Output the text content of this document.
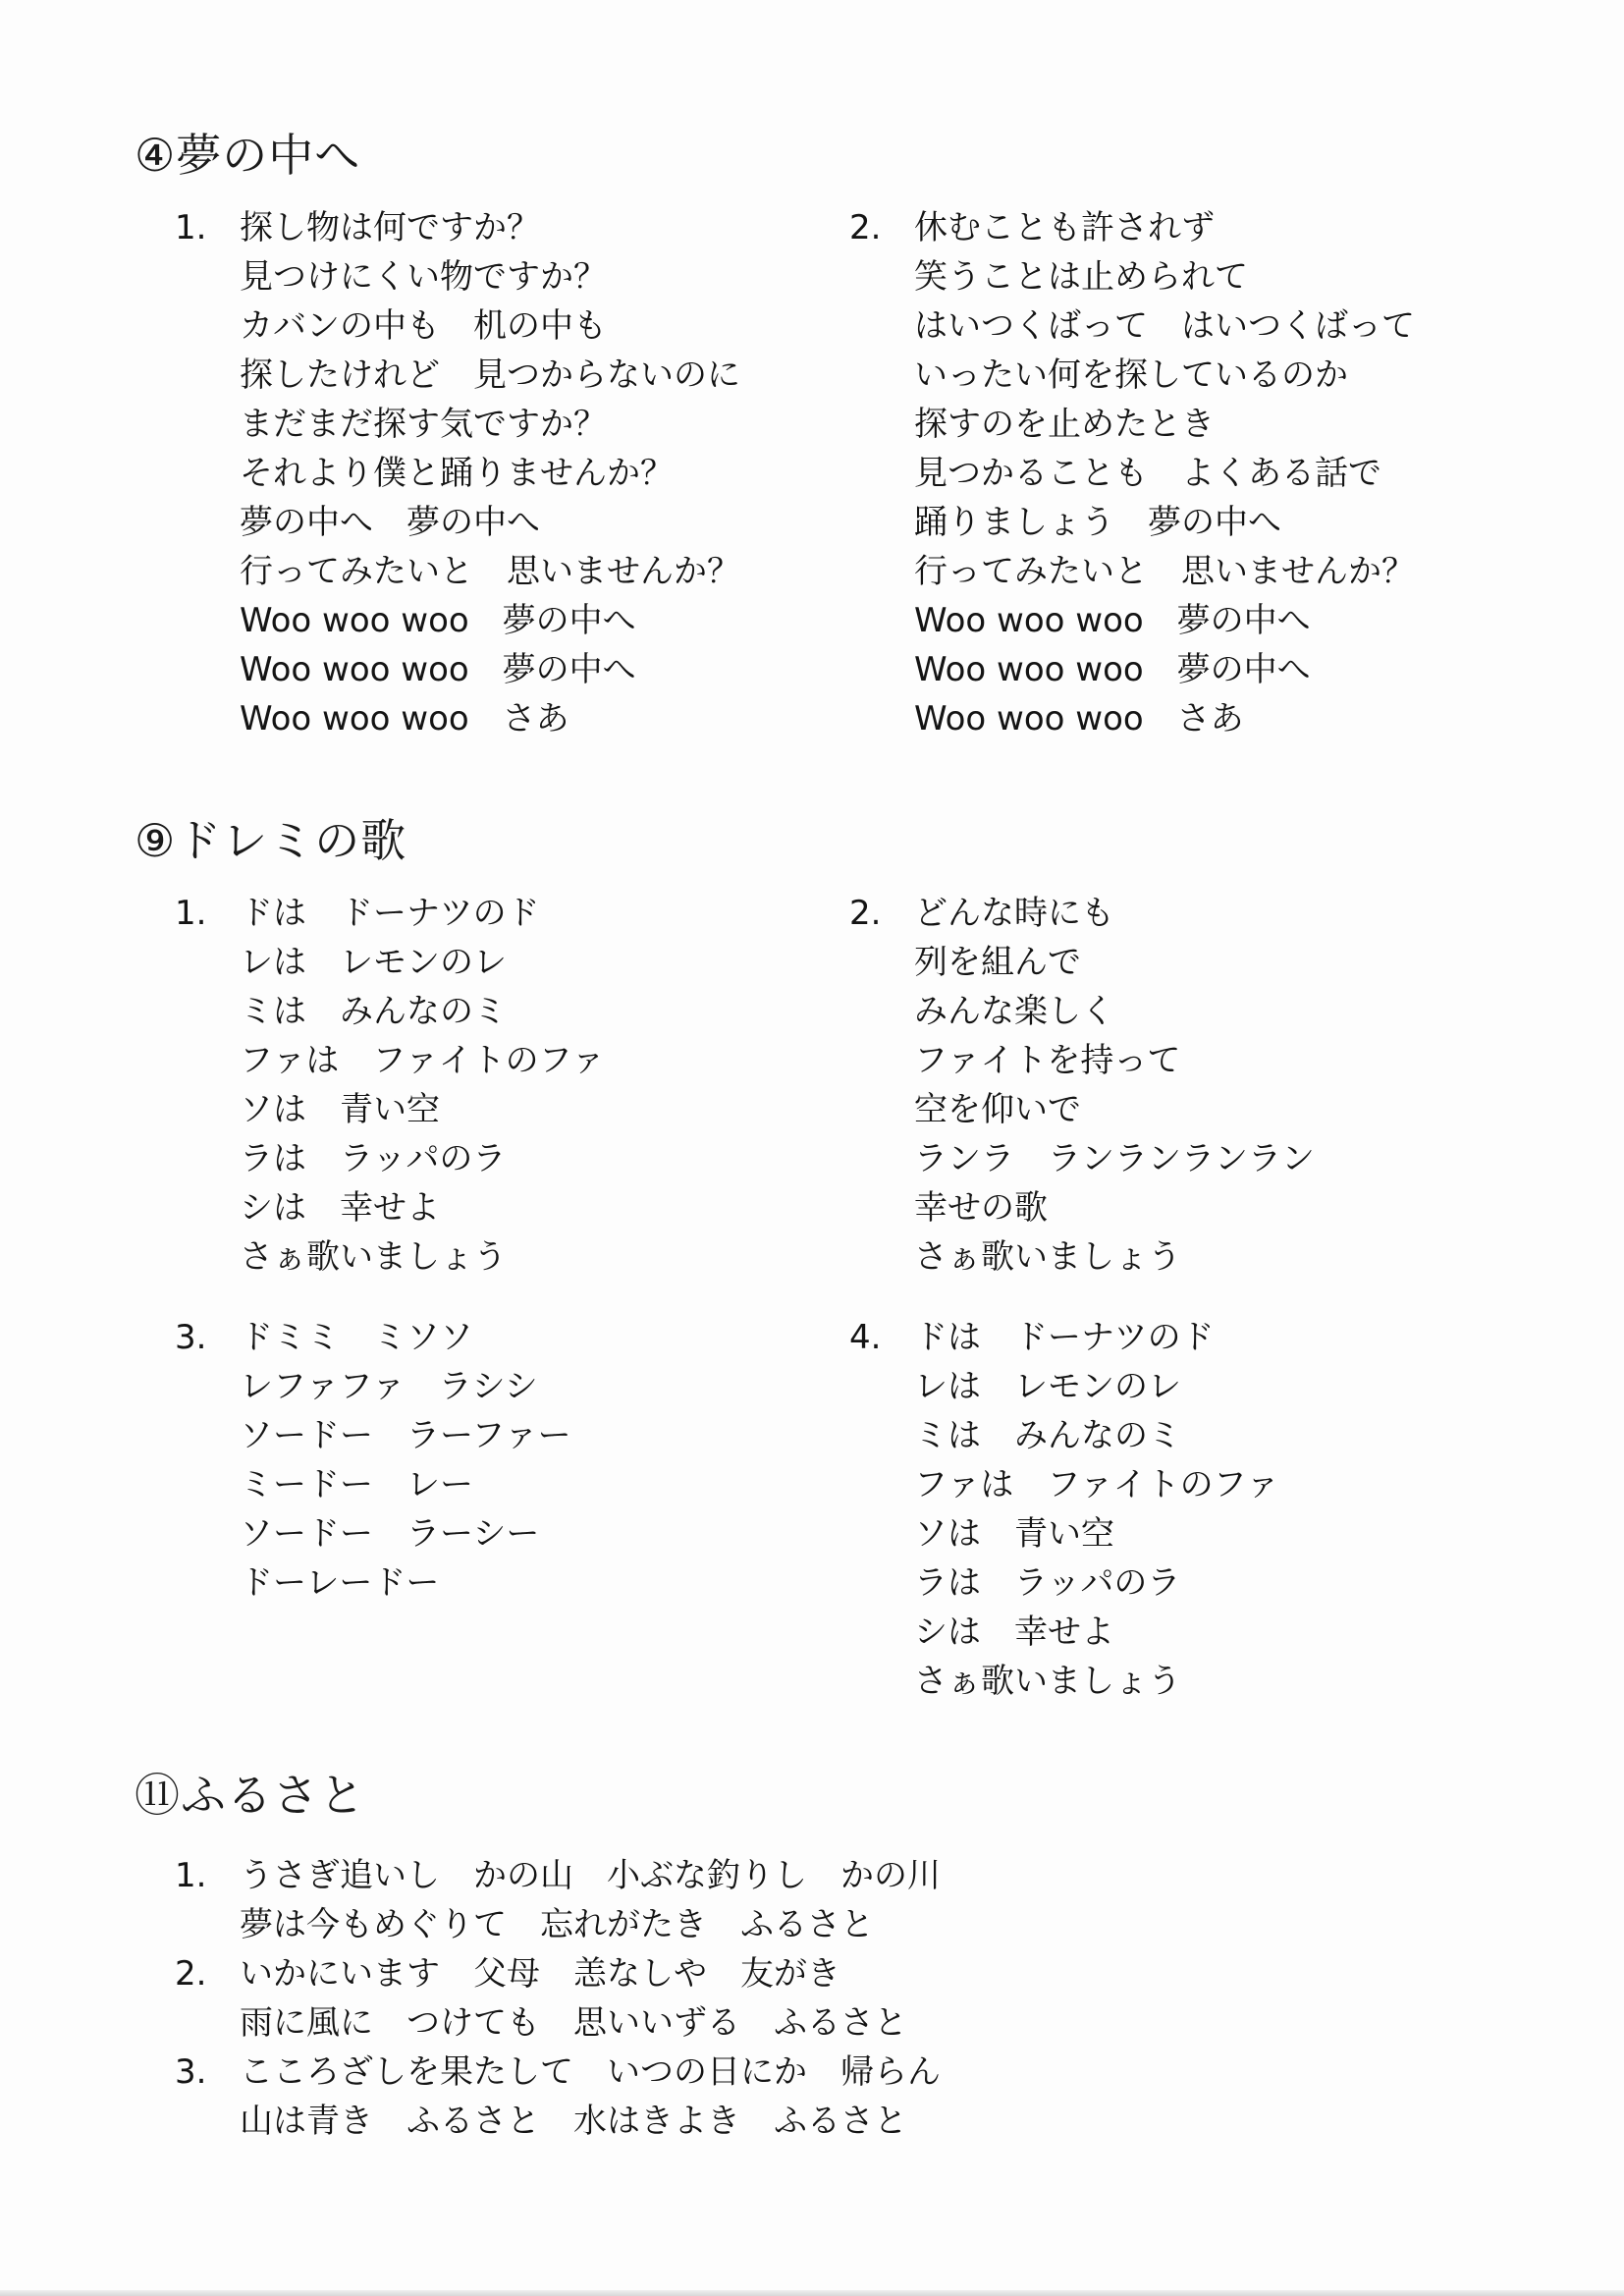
④夢の中へ
1. 探し物は何ですか？
見つけにくい物ですか？
カバンの中も　机の中も
探したけれど　見つからないのに
まだまだ探す気ですか？
それより僕と踊りませんか？
夢の中へ　夢の中へ
行ってみたいと　思いませんか？
Woo woo woo　夢の中へ
Woo woo woo　夢の中へ
Woo woo woo　さあ
2. 休むことも許されず
笑うことは止められて
はいつくばって　はいつくばって
いったい何を探しているのか
探すのを止めたとき
見つかることも　よくある話で
踊りましょう　夢の中へ
行ってみたいと　思いませんか？
Woo woo woo　夢の中へ
Woo woo woo　夢の中へ
Woo woo woo　さあ
⑨ドレミの歌
1. ドは　ドーナツのド
レは　レモンのレ
ミは　みんなのミ
ファは　ファイトのファ
ソは　青い空
ラは　ラッパのラ
シは　幸せよ
さぁ歌いましょう
2. どんな時にも
列を組んで
みんな楽しく
ファイトを持って
空を仰いで
ランラ　ランランランラン
幸せの歌
さぁ歌いましょう
3. ドミミ　ミソソ
レファファ　ラシシ
ソードー　ラーファー
ミードー　レー
ソードー　ラーシー
ドーレードー
4. ドは　ドーナツのド
レは　レモンのレ
ミは　みんなのミ
ファは　ファイトのファ
ソは　青い空
ラは　ラッパのラ
シは　幸せよ
さぁ歌いましょう
⑪ふるさと
1. うさぎ追いし　かの山　小ぶな釣りし　かの川
夢は今もめぐりて　忘れがたき　ふるさと
2. いかにいます　父母　恙なしや　友がき
雨に風に　つけても　思いいずる　ふるさと
3. こころざしを果たして　いつの日にか　帰らん
山は青き　ふるさと　水はきよき　ふるさと
